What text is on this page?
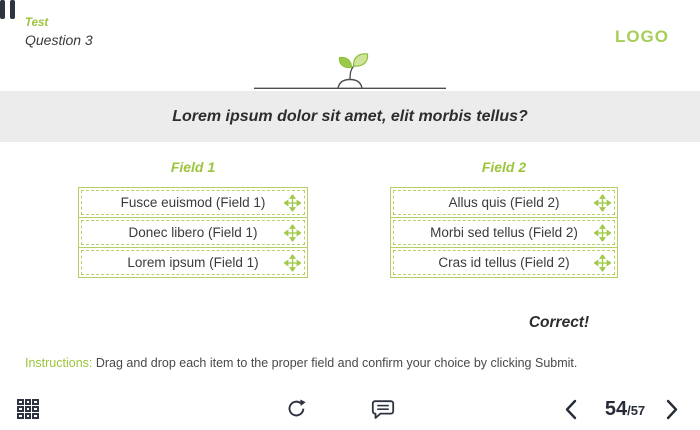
Test
Question 3	LOGO
Lorem ipsum dolor sit amet, elit morbis tellus?
Field 1	Field 2
Fusce euismod (Field 1)
Donec libero (Field 1)
Lorem ipsum (Field 1)
Allus quis (Field 2)
Morbi sed tellus (Field 2)
Cras id tellus (Field 2)
Correct!
Instructions: Drag and drop each item to the proper field and confirm your choice by clicking Submit.
54/57
